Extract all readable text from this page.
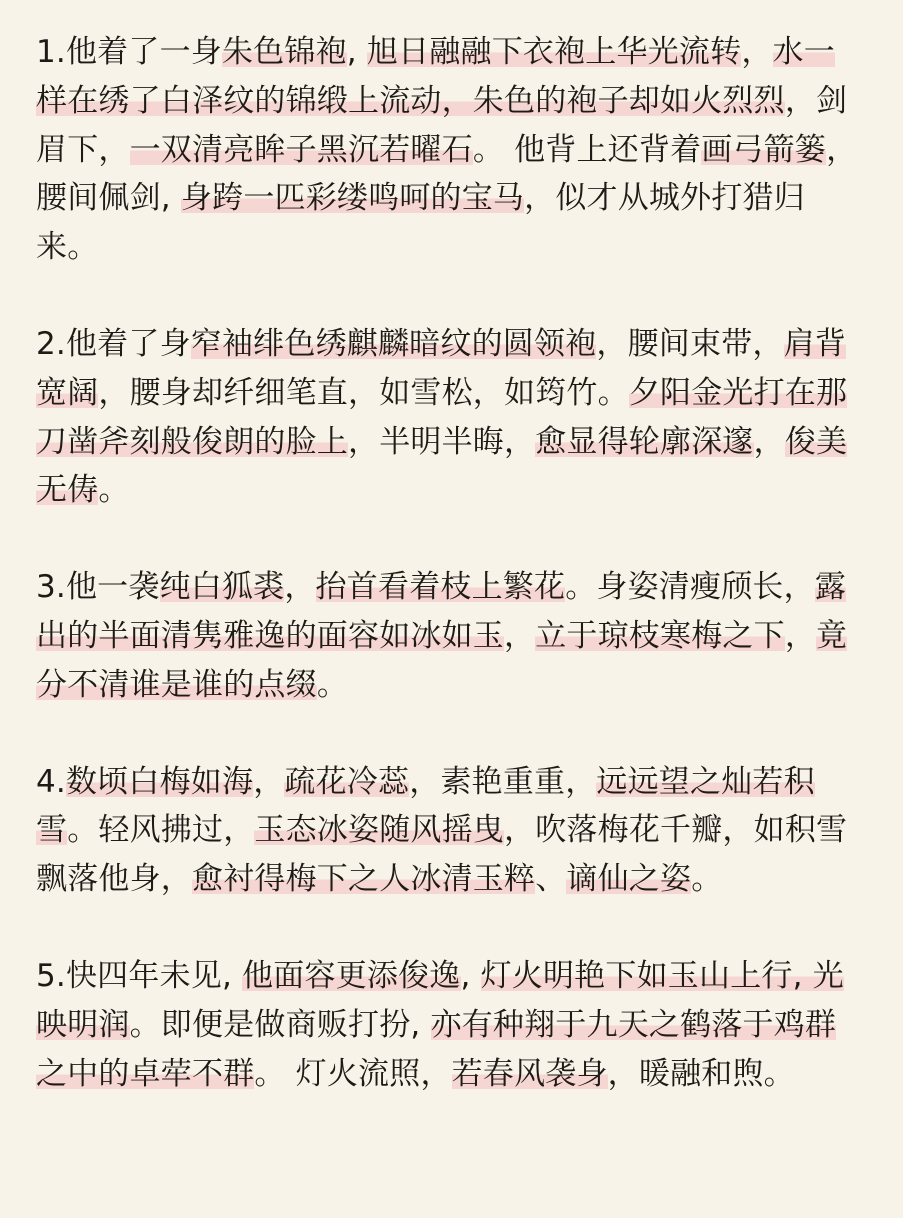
1.他着了一身朱色锦袍, 旭日融融下衣袍上华光流转，水一样在绣了白泽纹的锦缎上流动，朱色的袍子却如火烈烈，剑眉下，一双清亮眸子黑沉若曜石。 他背上还背着画弓箭篓，腰间佩剑, 身跨一匹彩缕鸣呵的宝马，似才从城外打猎归来。

2.他着了身窄袖绯色绣麒麟暗纹的圆领袍，腰间束带，肩背宽阔，腰身却纤细笔直，如雪松，如筠竹。夕阳金光打在那刀凿斧刻般俊朗的脸上，半明半晦，愈显得轮廓深邃，俊美无俦。

3.他一袭纯白狐裘，抬首看着枝上繁花。身姿清瘦颀长，露出的半面清隽雅逸的面容如冰如玉，立于琼枝寒梅之下，竟分不清谁是谁的点缀。

4.数顷白梅如海，疏花冷蕊，素艳重重，远远望之灿若积雪。轻风拂过，玉态冰姿随风摇曳，吹落梅花千瓣，如积雪飘落他身，愈衬得梅下之人冰清玉粹、谪仙之姿。

5.快四年未见, 他面容更添俊逸, 灯火明艳下如玉山上行, 光映明润。即便是做商贩打扮, 亦有种翔于九天之鹤落于鸡群之中的卓荦不群。 灯火流照，若春风袭身，暖融和煦。
